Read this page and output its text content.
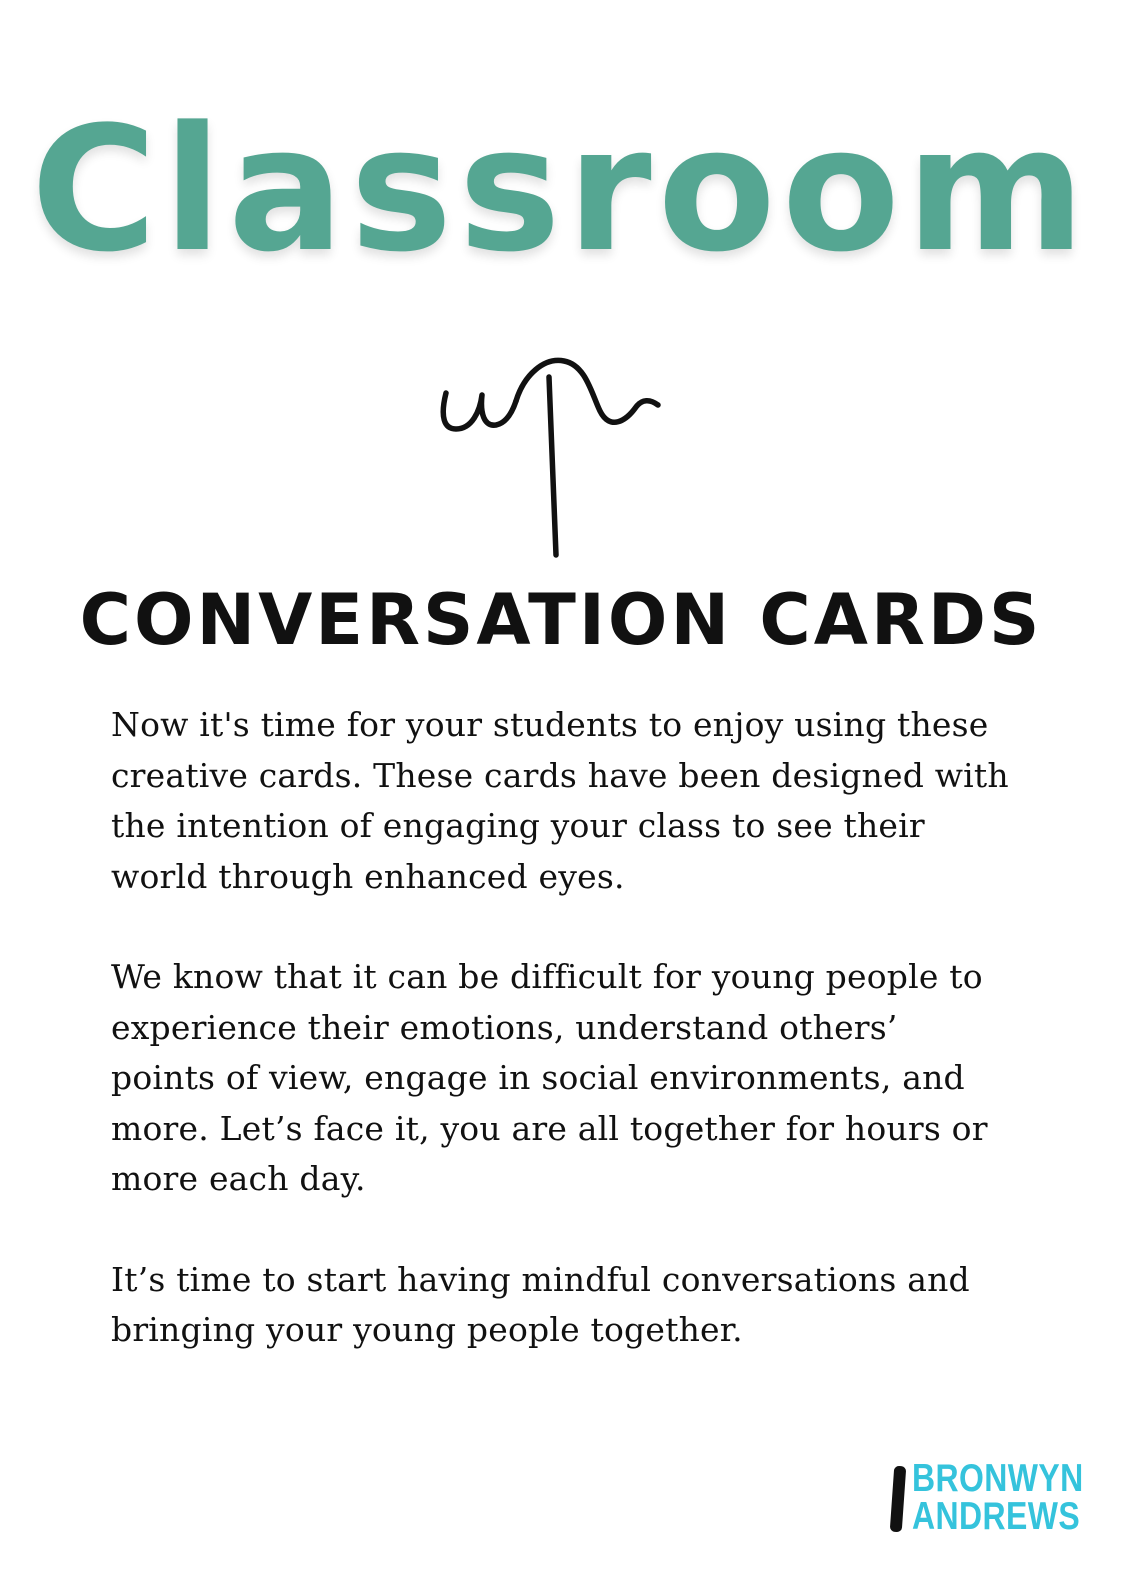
Classroom
CONVERSATION CARDS

Now it's time for your students to enjoy using these creative cards. These cards have been designed with the intention of engaging your class to see their world through enhanced eyes.

We know that it can be difficult for young people to experience their emotions, understand others’ points of view, engage in social environments, and more. Let’s face it, you are all together for hours or more each day.

It’s time to start having mindful conversations and bringing your young people together.

BRONWYN
ANDREWS
